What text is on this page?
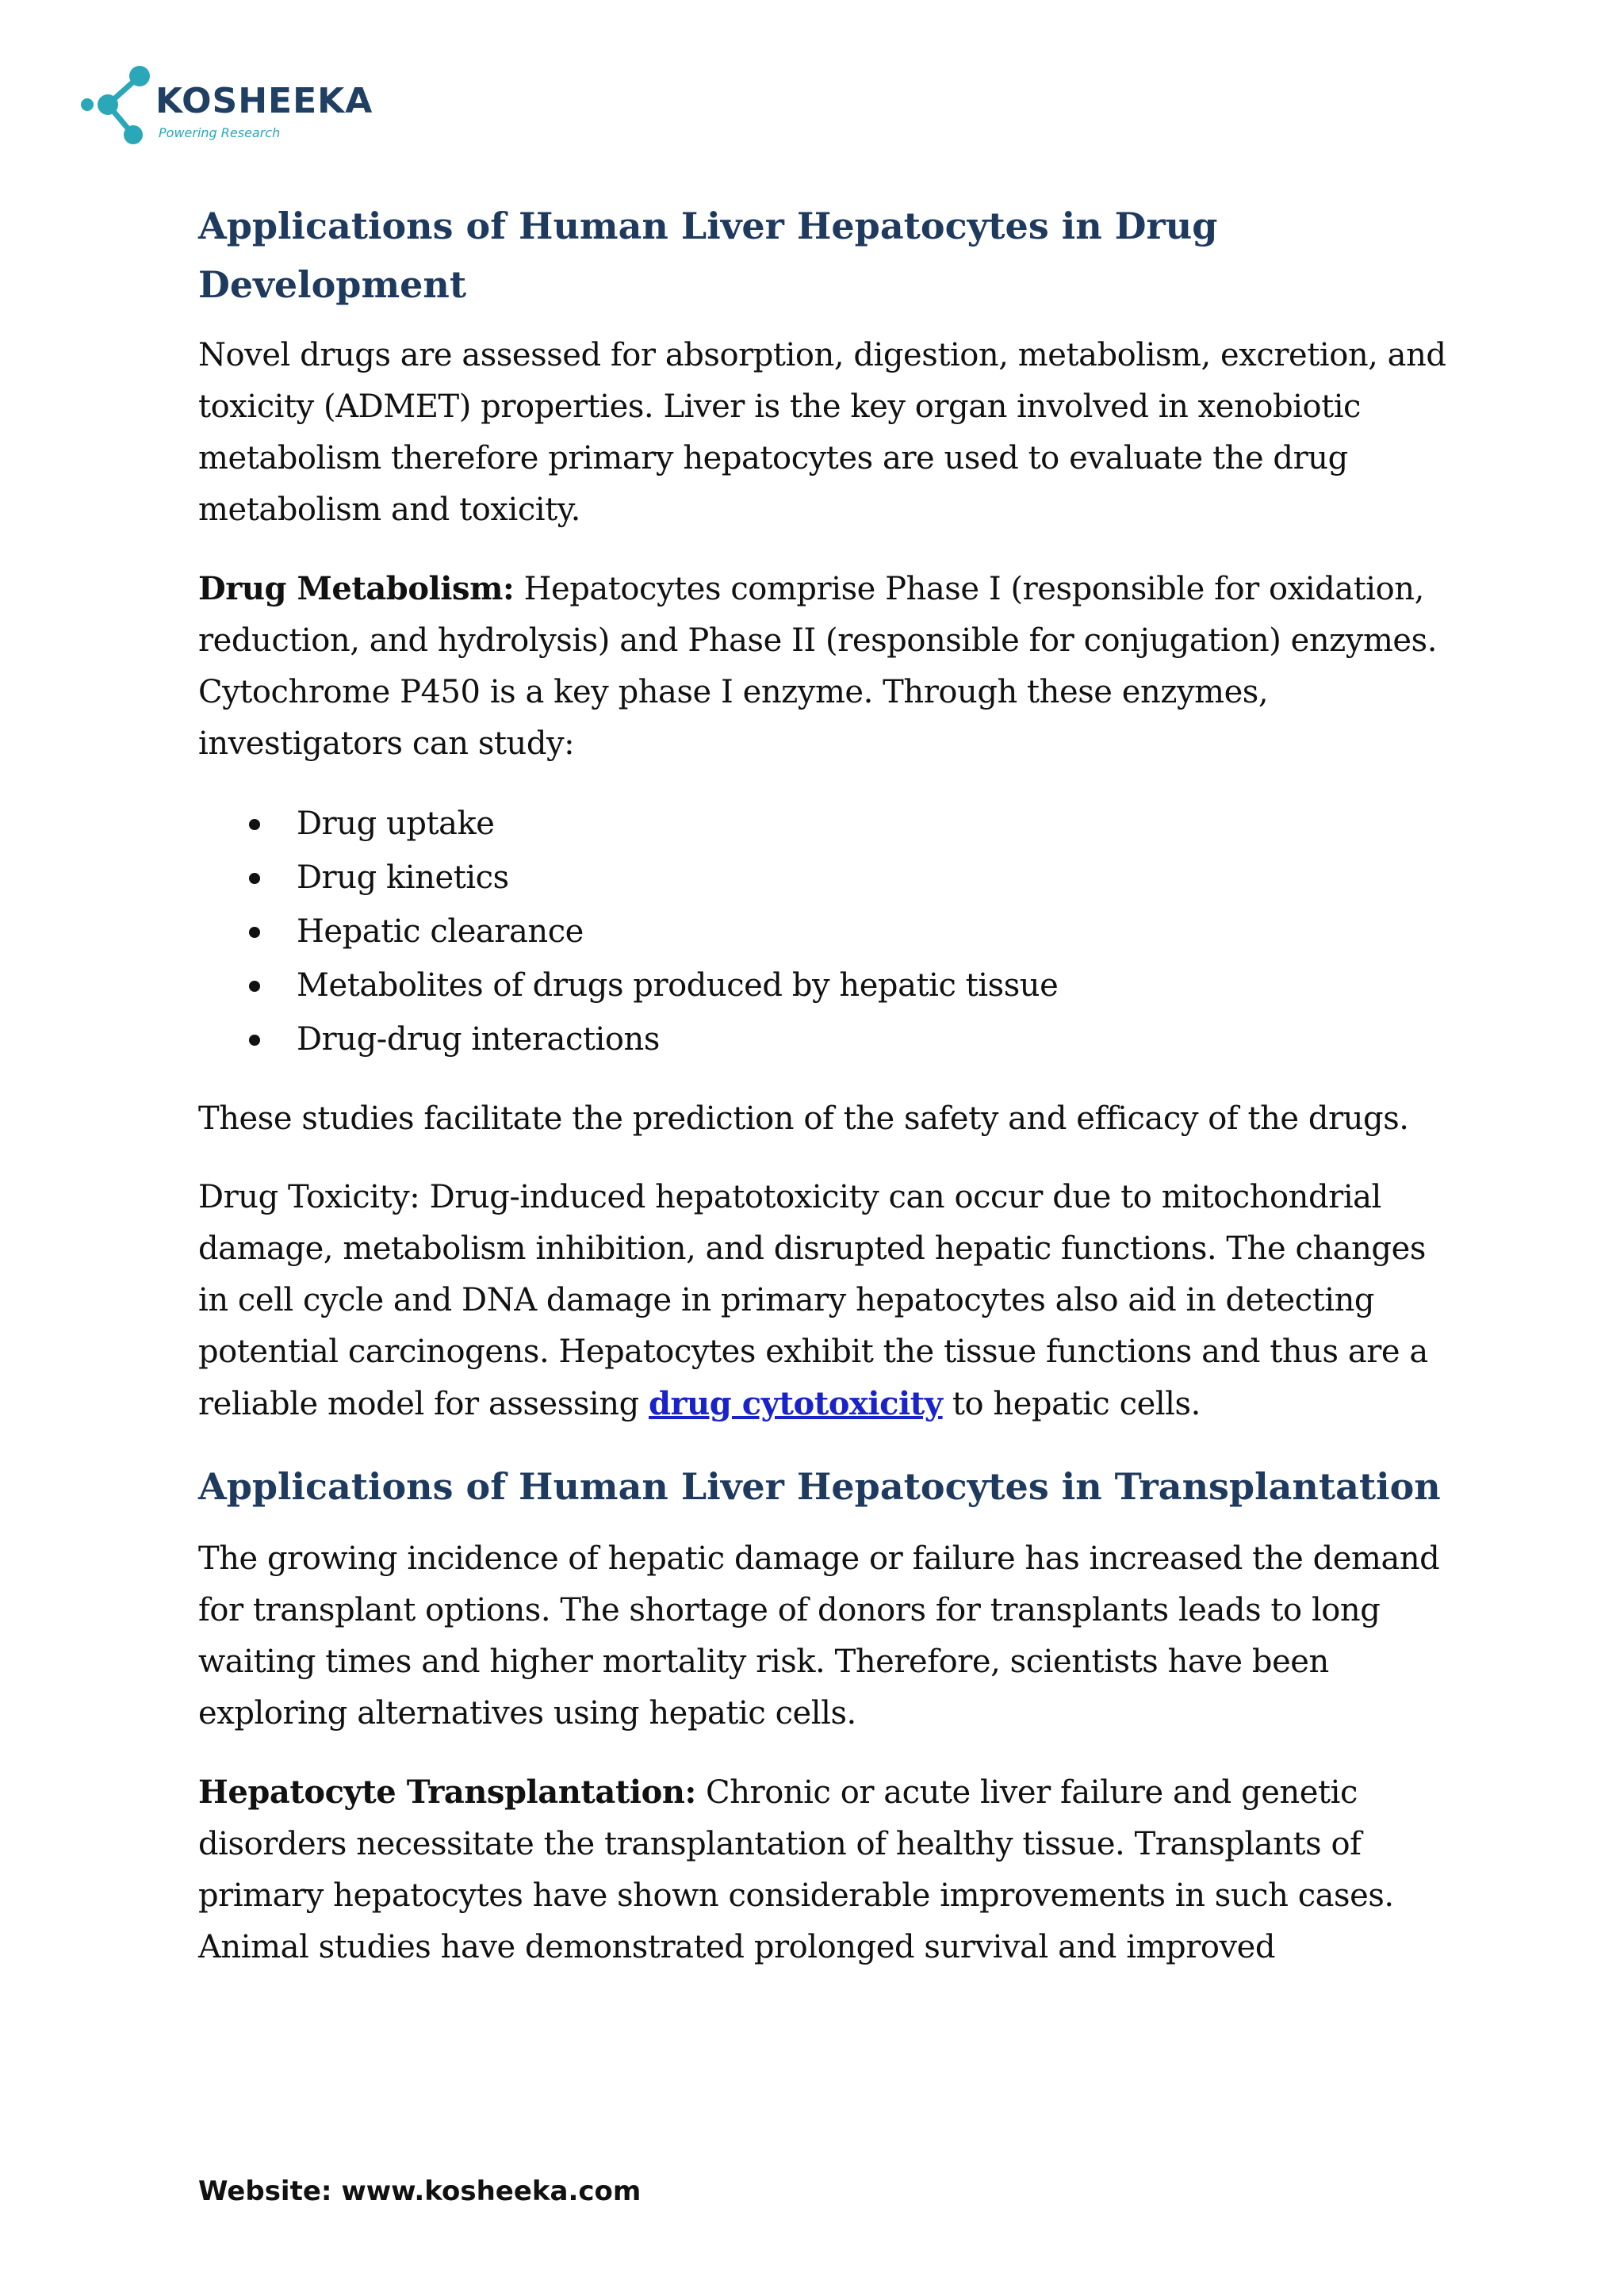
KOSHEEKA
Powering Research
Applications of Human Liver Hepatocytes in Drug
Development

Novel drugs are assessed for absorption, digestion, metabolism, excretion, and toxicity (ADMET) properties. Liver is the key organ involved in xenobiotic metabolism therefore primary hepatocytes are used to evaluate the drug metabolism and toxicity.

Drug Metabolism: Hepatocytes comprise Phase I (responsible for oxidation, reduction, and hydrolysis) and Phase II (responsible for conjugation) enzymes. Cytochrome P450 is a key phase I enzyme. Through these enzymes, investigators can study:

Drug uptake
Drug kinetics
Hepatic clearance
Metabolites of drugs produced by hepatic tissue
Drug-drug interactions

These studies facilitate the prediction of the safety and efficacy of the drugs.

Drug Toxicity: Drug-induced hepatotoxicity can occur due to mitochondrial damage, metabolism inhibition, and disrupted hepatic functions. The changes in cell cycle and DNA damage in primary hepatocytes also aid in detecting potential carcinogens. Hepatocytes exhibit the tissue functions and thus are a reliable model for assessing drug cytotoxicity to hepatic cells.

Applications of Human Liver Hepatocytes in Transplantation

The growing incidence of hepatic damage or failure has increased the demand for transplant options. The shortage of donors for transplants leads to long waiting times and higher mortality risk. Therefore, scientists have been exploring alternatives using hepatic cells.

Hepatocyte Transplantation: Chronic or acute liver failure and genetic disorders necessitate the transplantation of healthy tissue. Transplants of primary hepatocytes have shown considerable improvements in such cases. Animal studies have demonstrated prolonged survival and improved

Website: www.kosheeka.com
